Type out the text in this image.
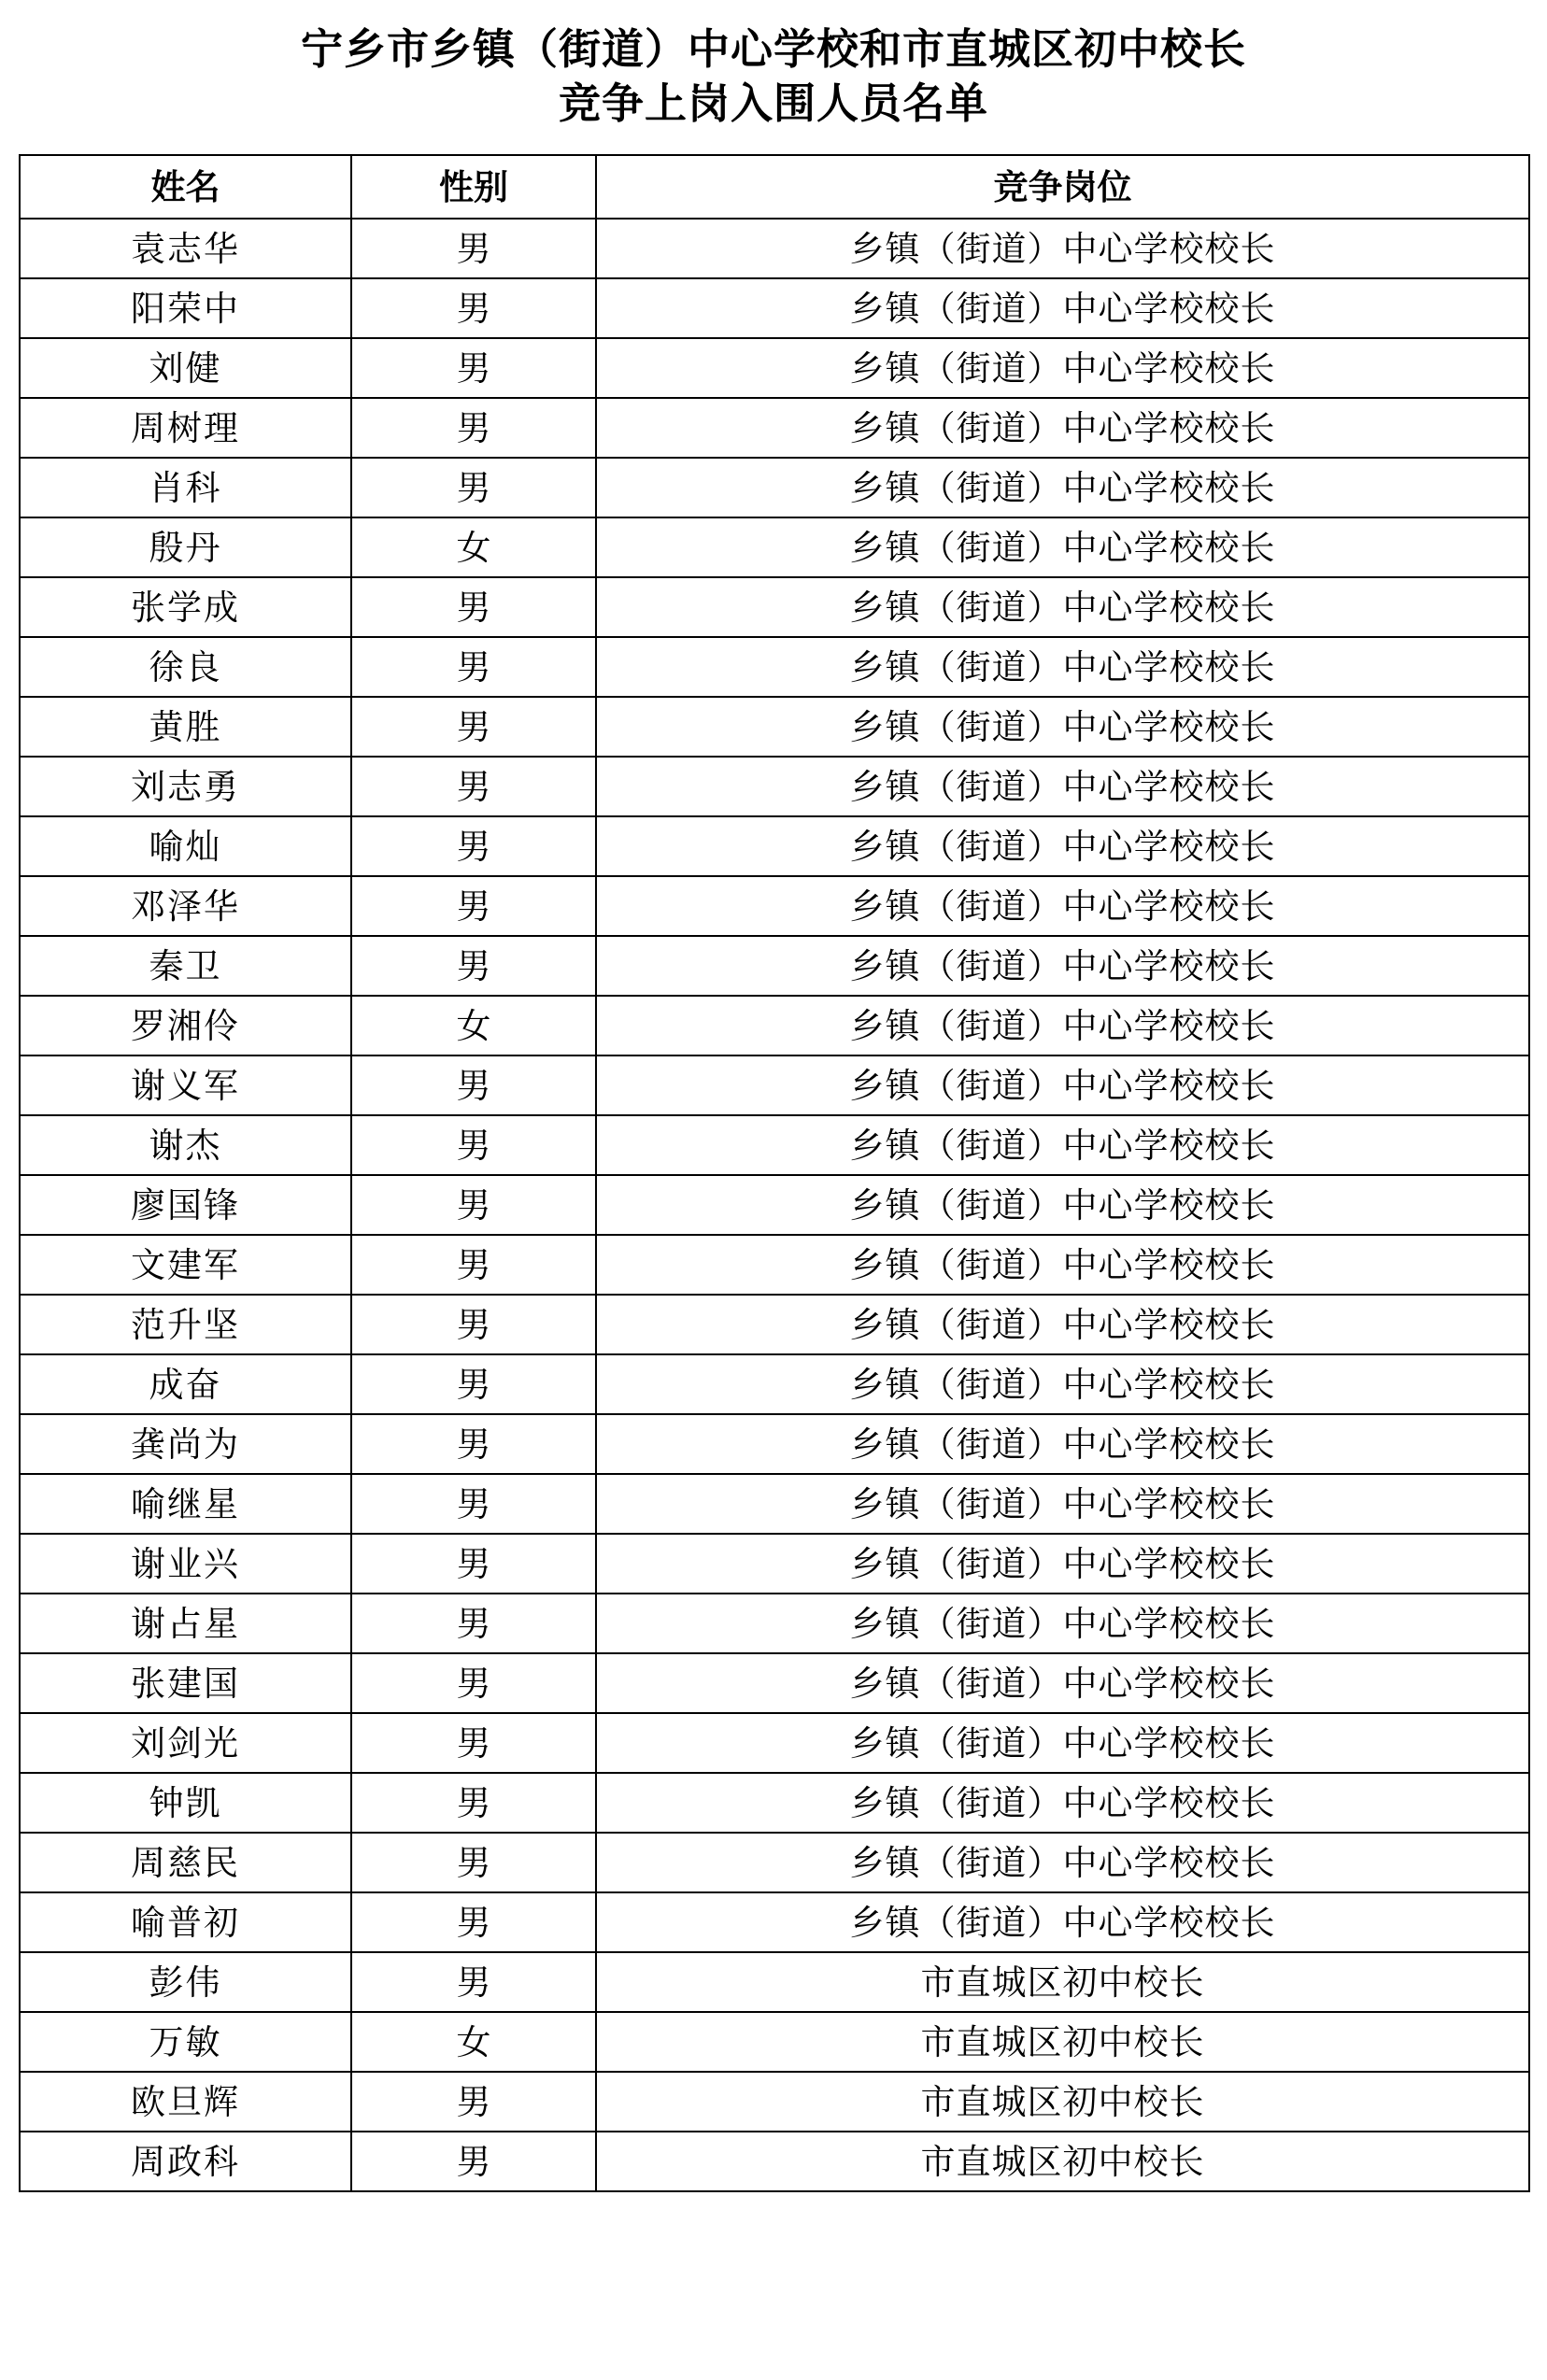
宁乡市乡镇（街道）中心学校和市直城区初中校长
竞争上岗入围人员名单
姓名	性别	竞争岗位
袁志华	男	乡镇（街道）中心学校校长
阳荣中	男	乡镇（街道）中心学校校长
刘健	男	乡镇（街道）中心学校校长
周树理	男	乡镇（街道）中心学校校长
肖科	男	乡镇（街道）中心学校校长
殷丹	女	乡镇（街道）中心学校校长
张学成	男	乡镇（街道）中心学校校长
徐良	男	乡镇（街道）中心学校校长
黄胜	男	乡镇（街道）中心学校校长
刘志勇	男	乡镇（街道）中心学校校长
喻灿	男	乡镇（街道）中心学校校长
邓泽华	男	乡镇（街道）中心学校校长
秦卫	男	乡镇（街道）中心学校校长
罗湘伶	女	乡镇（街道）中心学校校长
谢义军	男	乡镇（街道）中心学校校长
谢杰	男	乡镇（街道）中心学校校长
廖国锋	男	乡镇（街道）中心学校校长
文建军	男	乡镇（街道）中心学校校长
范升坚	男	乡镇（街道）中心学校校长
成奋	男	乡镇（街道）中心学校校长
龚尚为	男	乡镇（街道）中心学校校长
喻继星	男	乡镇（街道）中心学校校长
谢业兴	男	乡镇（街道）中心学校校长
谢占星	男	乡镇（街道）中心学校校长
张建国	男	乡镇（街道）中心学校校长
刘剑光	男	乡镇（街道）中心学校校长
钟凯	男	乡镇（街道）中心学校校长
周慈民	男	乡镇（街道）中心学校校长
喻普初	男	乡镇（街道）中心学校校长
彭伟	男	市直城区初中校长
万敏	女	市直城区初中校长
欧旦辉	男	市直城区初中校长
周政科	男	市直城区初中校长
